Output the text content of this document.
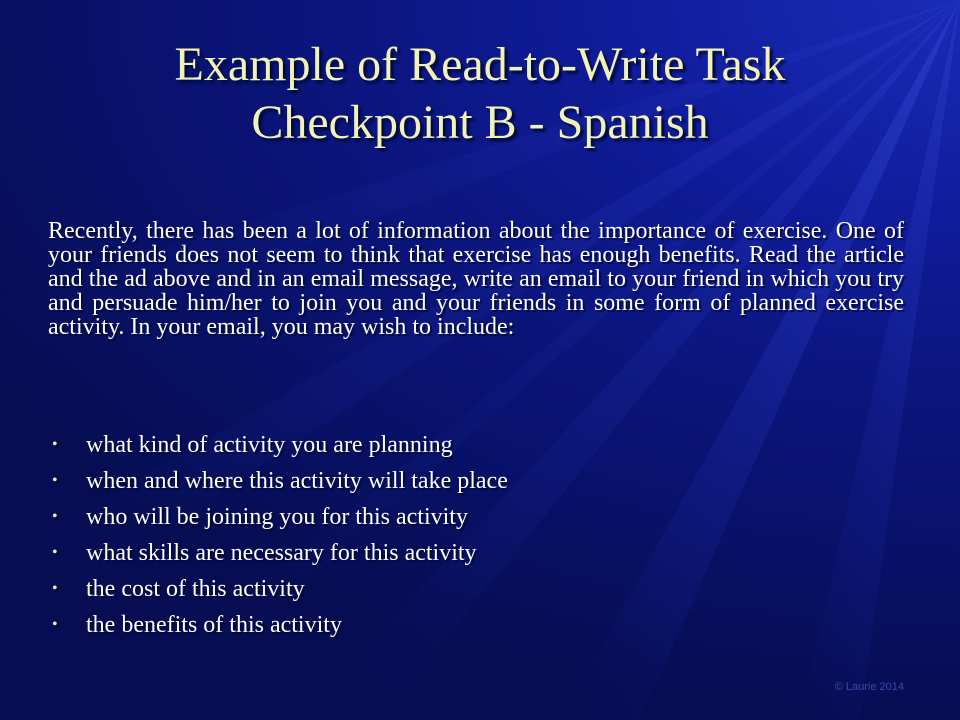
Example of Read-to-Write Task
Checkpoint B - Spanish

Recently, there has been a lot of information about the importance of exercise. One of your friends does not seem to think that exercise has enough benefits. Read the article and the ad above and in an email message, write an email to your friend in which you try and persuade him/her to join you and your friends in some form of planned exercise activity. In your email, you may wish to include:

•	what kind of activity you are planning
•	when and where this activity will take place
•	who will be joining you for this activity
•	what skills are necessary for this activity
•	the cost of this activity
•	the benefits of this activity
© Laurie 2014
